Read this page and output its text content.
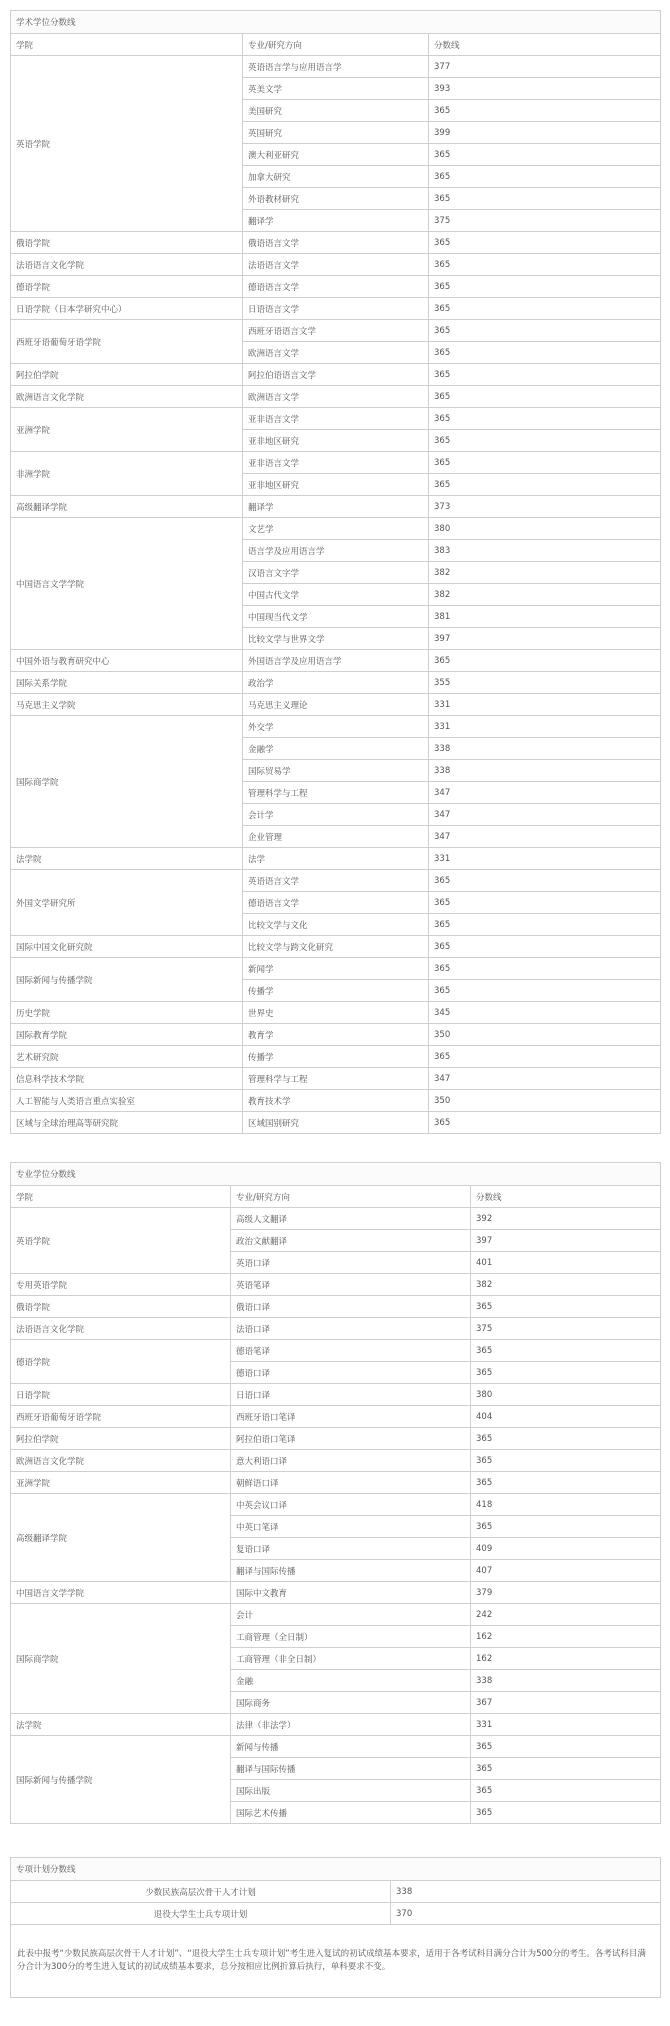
学术学位分数线		
学院	专业/研究方向	分数线
英语学院	英语语言学与应用语言学	377
	英美文学	393
	美国研究	365
	英国研究	399
	澳大利亚研究	365
	加拿大研究	365
	外语教材研究	365
	翻译学	375
俄语学院	俄语语言文学	365
法语语言文化学院	法语语言文学	365
德语学院	德语语言文学	365
日语学院（日本学研究中心）	日语语言文学	365
西班牙语葡萄牙语学院	西班牙语语言文学	365
	欧洲语言文学	365
阿拉伯学院	阿拉伯语语言文学	365
欧洲语言文化学院	欧洲语言文学	365
亚洲学院	亚非语言文学	365
	亚非地区研究	365
非洲学院	亚非语言文学	365
	亚非地区研究	365
高级翻译学院	翻译学	373
中国语言文学学院	文艺学	380
	语言学及应用语言学	383
	汉语言文字学	382
	中国古代文学	382
	中国现当代文学	381
	比较文学与世界文学	397
中国外语与教育研究中心	外国语言学及应用语言学	365
国际关系学院	政治学	355
马克思主义学院	马克思主义理论	331
国际商学院	外交学	331
	金融学	338
	国际贸易学	338
	管理科学与工程	347
	会计学	347
	企业管理	347
法学院	法学	331
外国文学研究所	英语语言文学	365
	德语语言文学	365
	比较文学与文化	365
国际中国文化研究院	比较文学与跨文化研究	365
国际新闻与传播学院	新闻学	365
	传播学	365
历史学院	世界史	345
国际教育学院	教育学	350
艺术研究院	传播学	365
信息科学技术学院	管理科学与工程	347
人工智能与人类语言重点实验室	教育技术学	350
区域与全球治理高等研究院	区域国别研究	365
专业学位分数线		
学院	专业/研究方向	分数线
英语学院	高级人文翻译	392
	政治文献翻译	397
	英语口译	401
专用英语学院	英语笔译	382
俄语学院	俄语口译	365
法语语言文化学院	法语口译	375
德语学院	德语笔译	365
	德语口译	365
日语学院	日语口译	380
西班牙语葡萄牙语学院	西班牙语口笔译	404
阿拉伯学院	阿拉伯语口笔译	365
欧洲语言文化学院	意大利语口译	365
亚洲学院	朝鲜语口译	365
高级翻译学院	中英会议口译	418
	中英口笔译	365
	复语口译	409
	翻译与国际传播	407
中国语言文学学院	国际中文教育	379
国际商学院	会计	242
	工商管理（全日制）	162
	工商管理（非全日制）	162
	金融	338
	国际商务	367
法学院	法律（非法学）	331
国际新闻与传播学院	新闻与传播	365
	翻译与国际传播	365
	国际出版	365
	国际艺术传播	365
专项计划分数线	
少数民族高层次骨干人才计划	338
退役大学生士兵专项计划	370
此表中报考“少数民族高层次骨干人才计划”、“退役大学生士兵专项计划”考生进入复试的初试成绩基本要求，适用于各考试科目满分合计为500分的考生。各考试科目满分合计为300分的考生进入复试的初试成绩基本要求，总分按相应比例折算后执行，单科要求不变。	
